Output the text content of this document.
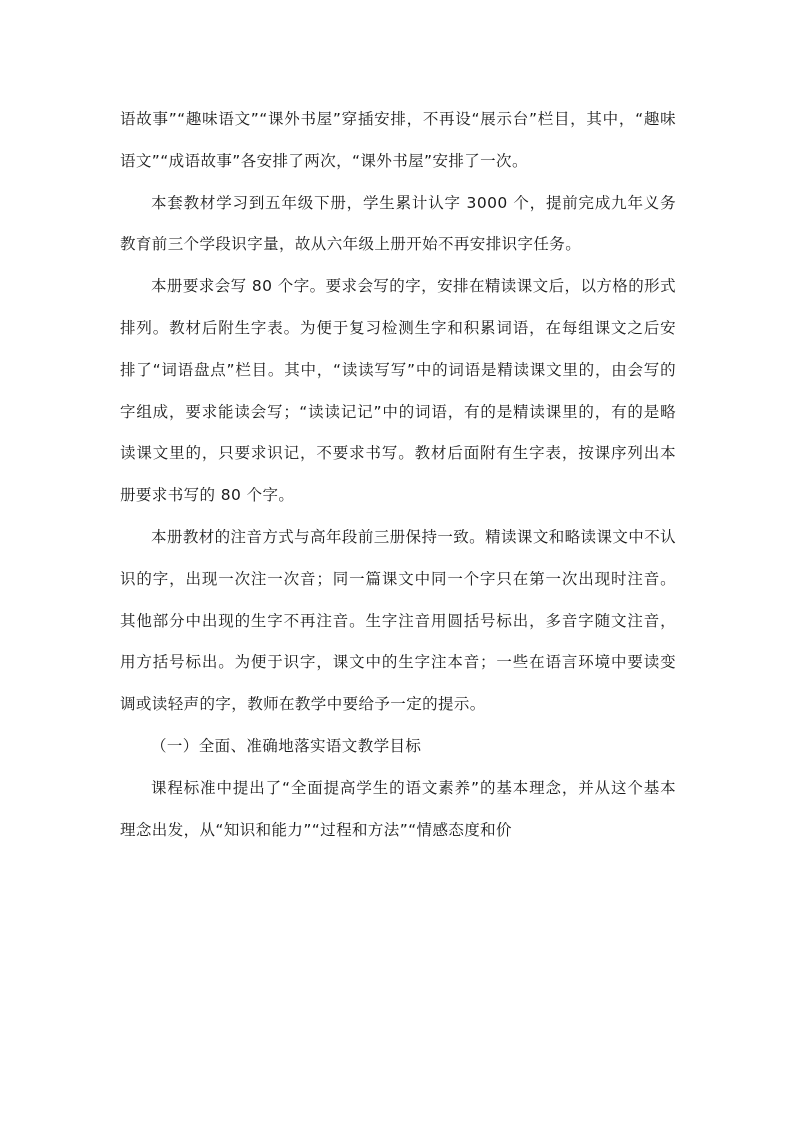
语故事”“趣味语文”“课外书屋”穿插安排，不再设“展示台”栏目，其中，“趣味语文”“成语故事”各安排了两次，“课外书屋”安排了一次。

本套教材学习到五年级下册，学生累计认字 3000 个，提前完成九年义务教育前三个学段识字量，故从六年级上册开始不再安排识字任务。

本册要求会写 80 个字。要求会写的字，安排在精读课文后，以方格的形式排列。教材后附生字表。为便于复习检测生字和积累词语，在每组课文之后安排了“词语盘点”栏目。其中，“读读写写”中的词语是精读课文里的，由会写的字组成，要求能读会写；“读读记记”中的词语，有的是精读课里的，有的是略读课文里的，只要求识记，不要求书写。教材后面附有生字表，按课序列出本册要求书写的 80 个字。

本册教材的注音方式与高年段前三册保持一致。精读课文和略读课文中不认识的字，出现一次注一次音；同一篇课文中同一个字只在第一次出现时注音。其他部分中出现的生字不再注音。生字注音用圆括号标出，多音字随文注音，用方括号标出。为便于识字，课文中的生字注本音；一些在语言环境中要读变调或读轻声的字，教师在教学中要给予一定的提示。

（一）全面、准确地落实语文教学目标

课程标准中提出了“全面提高学生的语文素养”的基本理念，并从这个基本理念出发，从“知识和能力”“过程和方法”“情感态度和价
